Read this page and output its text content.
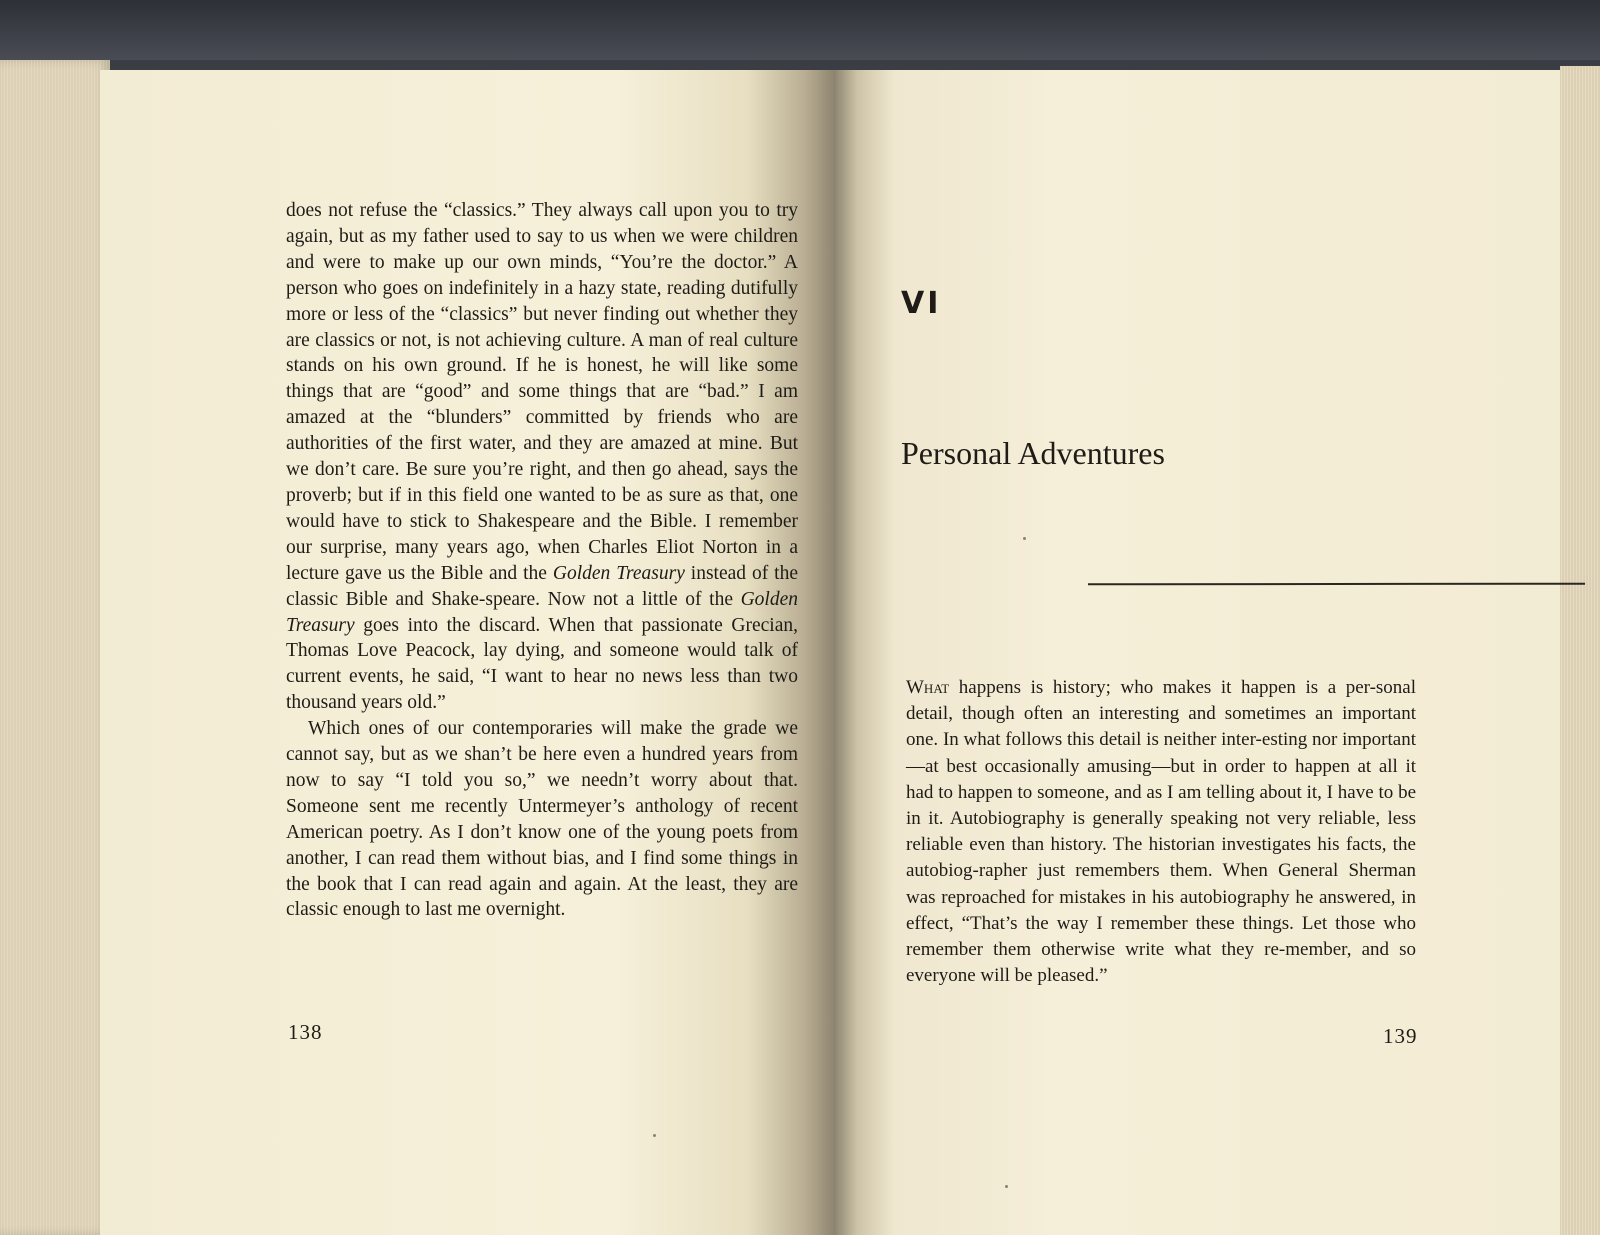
does not refuse the “classics.” They always call upon you to try again, but as my father used to say to us when we were children and were to make up our own minds, “You’re the doctor.” A person who goes on indefinitely in a hazy state, reading dutifully more or less of the “classics” but never finding out whether they are classics or not, is not achieving culture. A man of real culture stands on his own ground. If he is honest, he will like some things that are “good” and some things that are “bad.” I am amazed at the “blunders” committed by friends who are authorities of the first water, and they are amazed at mine. But we don’t care. Be sure you’re right, and then go ahead, says the proverb; but if in this field one wanted to be as sure as that, one would have to stick to Shakespeare and the Bible. I remember our surprise, many years ago, when Charles Eliot Norton in a lecture gave us the Bible and the Golden Treasury instead of the classic Bible and Shake-speare. Now not a little of the Golden Treasury goes into the discard. When that passionate Grecian, Thomas Love Peacock, lay dying, and someone would talk of current events, he said, “I want to hear no news less than two thousand years old.”

Which ones of our contemporaries will make the grade we cannot say, but as we shan’t be here even a hundred years from now to say “I told you so,” we needn’t worry about that. Someone sent me recently Untermeyer’s anthology of recent American poetry. As I don’t know one of the young poets from another, I can read them without bias, and I find some things in the book that I can read again and again. At the least, they are classic enough to last me overnight.

138
VI
Personal Adventures

What happens is history; who makes it happen is a per-sonal detail, though often an interesting and sometimes an important one. In what follows this detail is neither inter-esting nor important—at best occasionally amusing—but in order to happen at all it had to happen to someone, and as I am telling about it, I have to be in it. Autobiography is generally speaking not very reliable, less reliable even than history. The historian investigates his facts, the autobiog-rapher just remembers them. When General Sherman was reproached for mistakes in his autobiography he answered, in effect, “That’s the way I remember these things. Let those who remember them otherwise write what they re-member, and so everyone will be pleased.”

139
